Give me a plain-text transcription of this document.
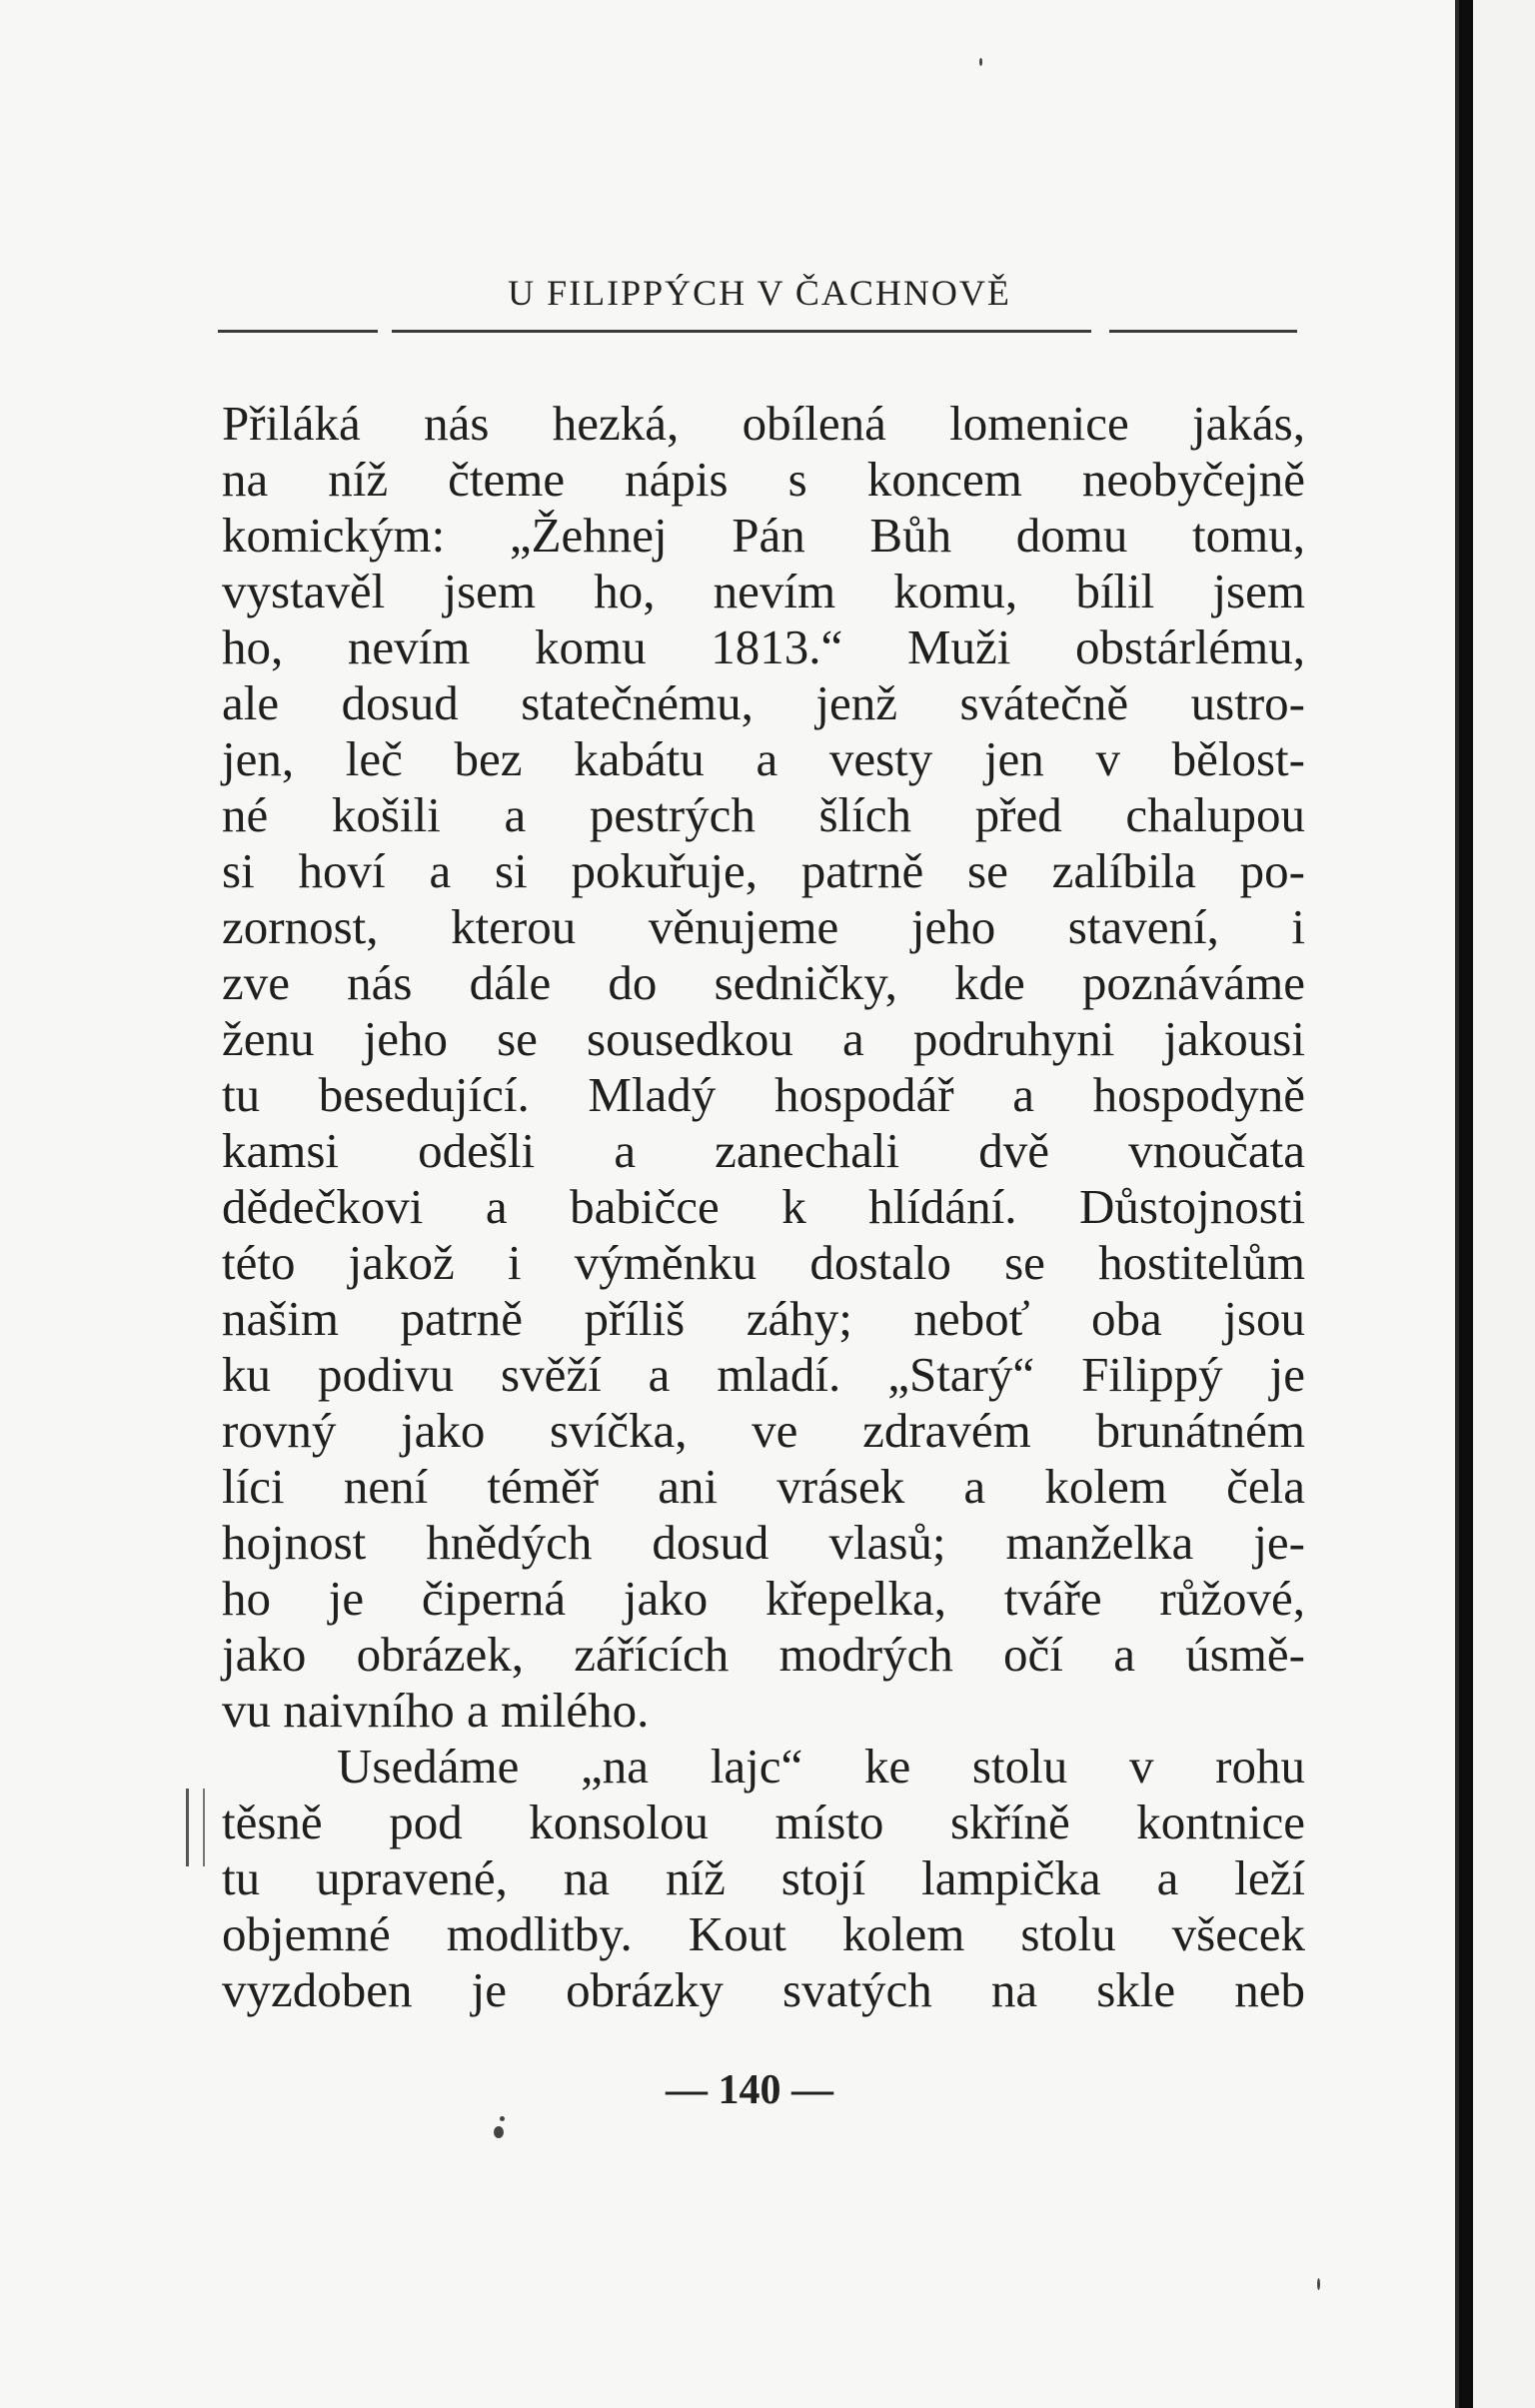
U FILIPPÝCH V ČACHNOVĚ
Přiláká nás hezká, obílená lomenice jakás,
na níž čteme nápis s koncem neobyčejně
komickým: „Žehnej Pán Bůh domu tomu,
vystavěl jsem ho, nevím komu, bílil jsem
ho, nevím komu 1813.“ Muži obstárlému,
ale dosud statečnému, jenž svátečně ustro-
jen, leč bez kabátu a vesty jen v bělost-
né košili a pestrých šlích před chalupou
si hoví a si pokuřuje, patrně se zalíbila po-
zornost, kterou věnujeme jeho stavení, i
zve nás dále do sedničky, kde poznáváme
ženu jeho se sousedkou a podruhyni jakousi
tu besedující. Mladý hospodář a hospodyně
kamsi odešli a zanechali dvě vnoučata
dědečkovi a babičce k hlídání. Důstojnosti
této jakož i výměnku dostalo se hostitelům
našim patrně příliš záhy; neboť oba jsou
ku podivu svěží a mladí. „Starý“ Filippý je
rovný jako svíčka, ve zdravém brunátném
líci není téměř ani vrásek a kolem čela
hojnost hnědých dosud vlasů; manželka je-
ho je čiperná jako křepelka, tváře růžové,
jako obrázek, zářících modrých očí a úsmě-
vu naivního a milého.
Usedáme „na lajc“ ke stolu v rohu
těsně pod konsolou místo skříně kontnice
tu upravené, na níž stojí lampička a leží
objemné modlitby. Kout kolem stolu všecek
vyzdoben je obrázky svatých na skle neb
— 140 —
